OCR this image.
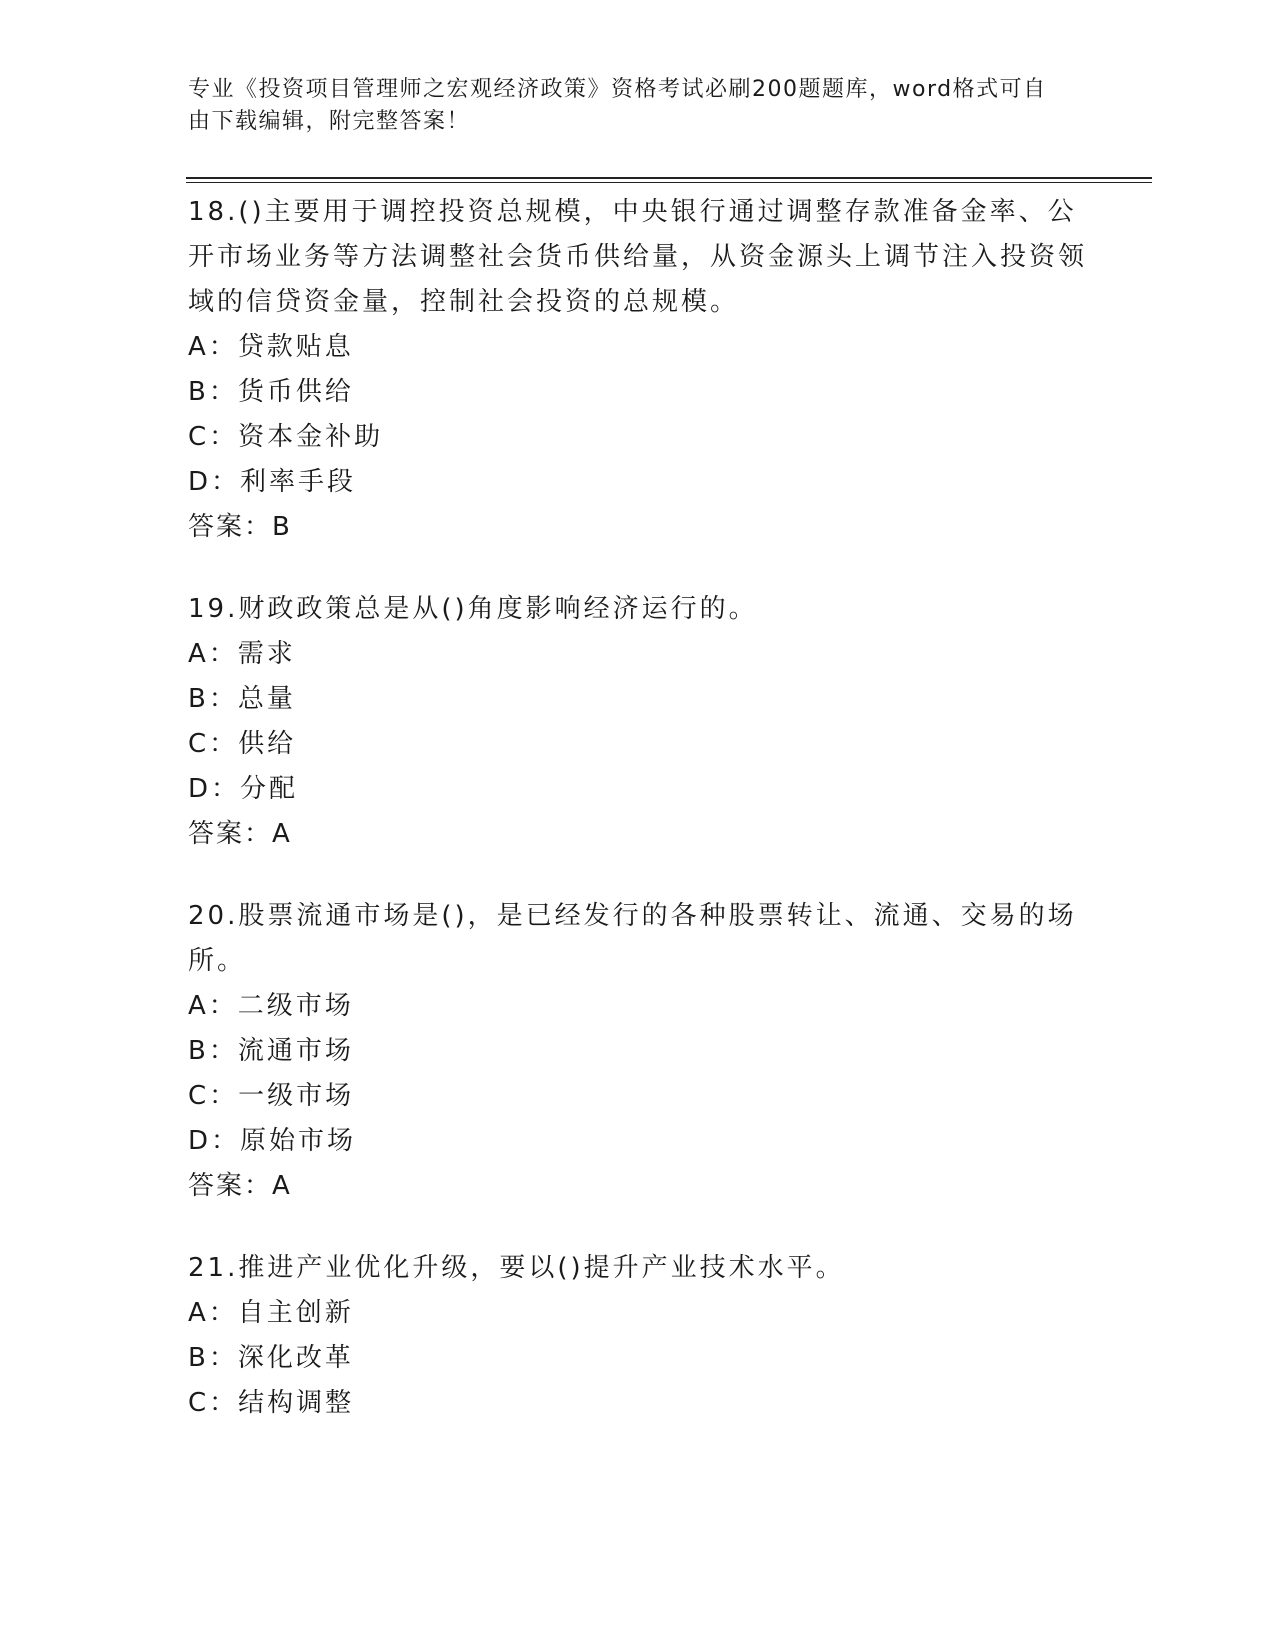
专业《投资项目管理师之宏观经济政策》资格考试必刷200题题库，word格式可自由下载编辑，附完整答案！
18.()主要用于调控投资总规模，中央银行通过调整存款准备金率、公开市场业务等方法调整社会货币供给量，从资金源头上调节注入投资领域的信贷资金量，控制社会投资的总规模。
A：贷款贴息
B：货币供给
C：资本金补助
D：利率手段
答案：B
19.财政政策总是从()角度影响经济运行的。
A：需求
B：总量
C：供给
D：分配
答案：A
20.股票流通市场是()，是已经发行的各种股票转让、流通、交易的场所。
A：二级市场
B：流通市场
C：一级市场
D：原始市场
答案：A
21.推进产业优化升级，要以()提升产业技术水平。
A：自主创新
B：深化改革
C：结构调整
